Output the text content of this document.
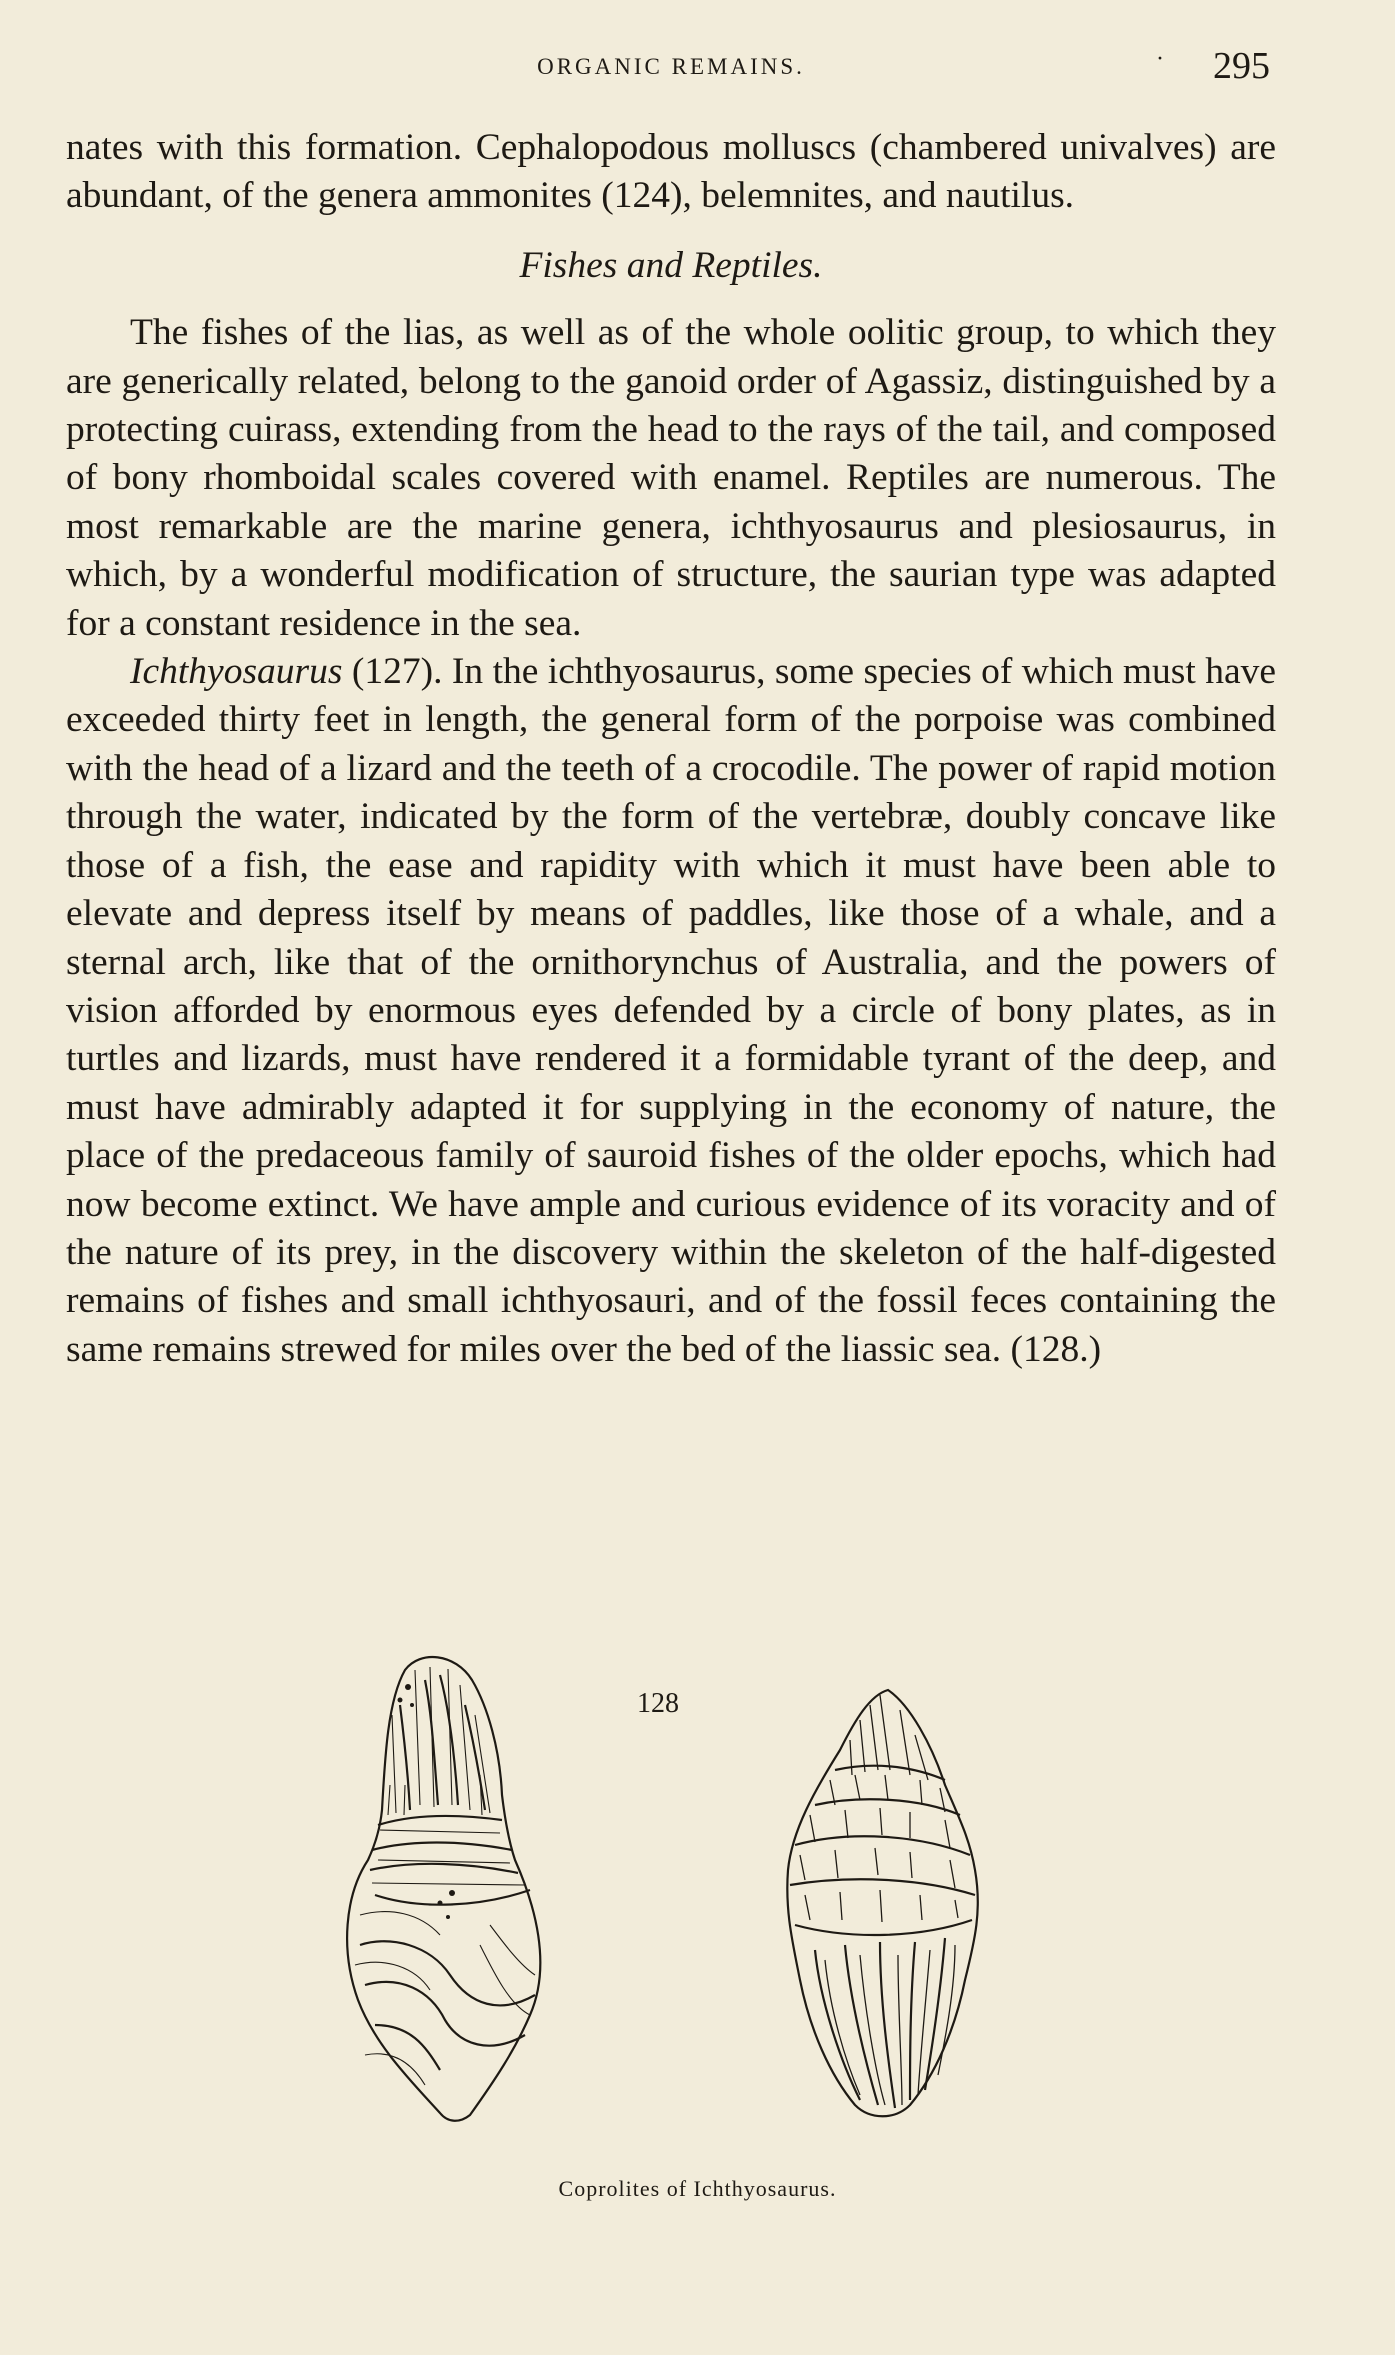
ORGANIC REMAINS.	· 295

nates with this formation. Cephalopodous molluscs (chambered univalves) are abundant, of the genera ammonites (124), belemnites, and nautilus.

Fishes and Reptiles.

The fishes of the lias, as well as of the whole oolitic group, to which they are generically related, belong to the ganoid order of Agassiz, distinguished by a protecting cuirass, extending from the head to the rays of the tail, and composed of bony rhomboidal scales covered with enamel. Reptiles are numerous. The most remarkable are the marine genera, ichthyosaurus and plesiosaurus, in which, by a wonderful modification of structure, the saurian type was adapted for a constant residence in the sea.

Ichthyosaurus (127). In the ichthyosaurus, some species of which must have exceeded thirty feet in length, the general form of the porpoise was combined with the head of a lizard and the teeth of a crocodile. The power of rapid motion through the water, indicated by the form of the vertebræ, doubly concave like those of a fish, the ease and rapidity with which it must have been able to elevate and depress itself by means of paddles, like those of a whale, and a sternal arch, like that of the ornithorynchus of Australia, and the powers of vision afforded by enormous eyes defended by a circle of bony plates, as in turtles and lizards, must have rendered it a formidable tyrant of the deep, and must have admirably adapted it for supplying in the economy of nature, the place of the predaceous family of sauroid fishes of the older epochs, which had now become extinct. We have ample and curious evidence of its voracity and of the nature of its prey, in the discovery within the skeleton of the half-digested remains of fishes and small ichthyosauri, and of the fossil feces containing the same remains strewed for miles over the bed of the liassic sea. (128.)

128
Coprolites of Ichthyosaurus.
